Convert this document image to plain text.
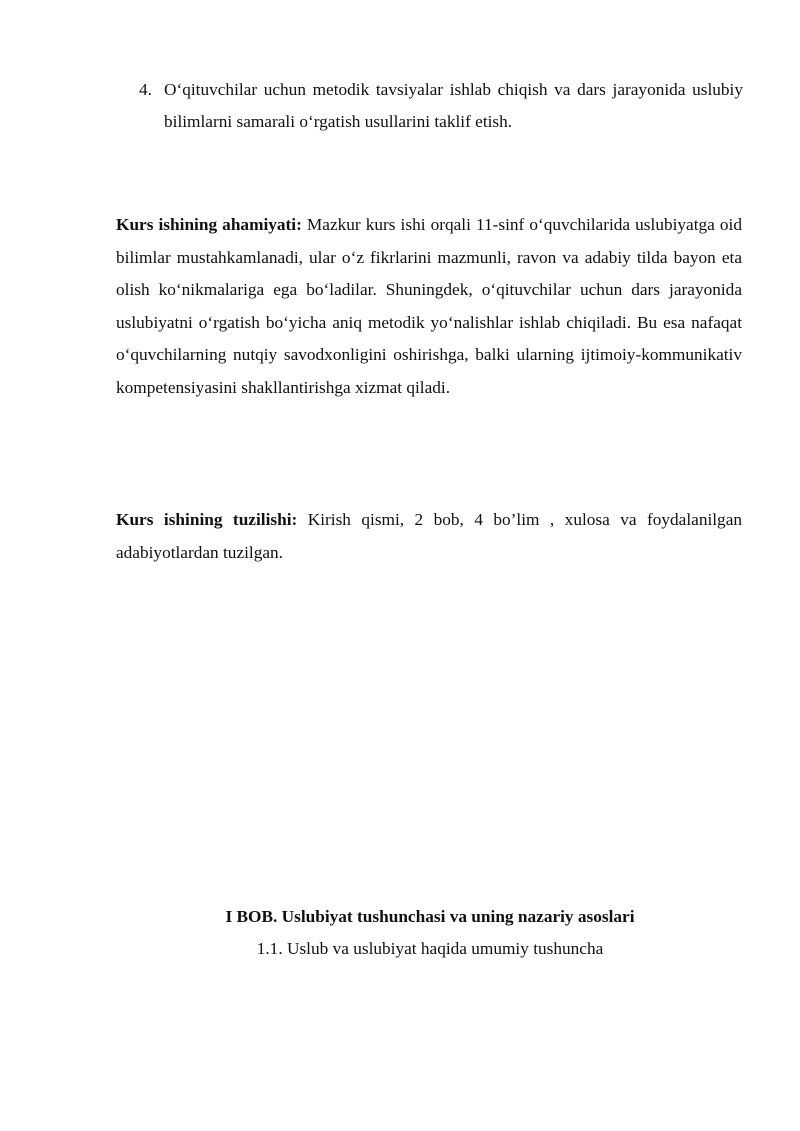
4. O‘qituvchilar uchun metodik tavsiyalar ishlab chiqish va dars jarayonida uslubiy bilimlarni samarali o‘rgatish usullarini taklif etish.

Kurs ishining ahamiyati: Mazkur kurs ishi orqali 11-sinf o‘quvchilarida uslubiyatga oid bilimlar mustahkamlanadi, ular o‘z fikrlarini mazmunli, ravon va adabiy tilda bayon eta olish ko‘nikmalariga ega bo‘ladilar. Shuningdek, o‘qituvchilar uchun dars jarayonida uslubiyatni o‘rgatish bo‘yicha aniq metodik yo‘nalishlar ishlab chiqiladi. Bu esa nafaqat o‘quvchilarning nutqiy savodxonligini oshirishga, balki ularning ijtimoiy-kommunikativ kompetensiyasini shakllantirishga xizmat qiladi.

Kurs ishining tuzilishi: Kirish qismi, 2 bob, 4 bo’lim , xulosa va foydalanilgan adabiyotlardan tuzilgan.

I BOB. Uslubiyat tushunchasi va uning nazariy asoslari
1.1. Uslub va uslubiyat haqida umumiy tushuncha
